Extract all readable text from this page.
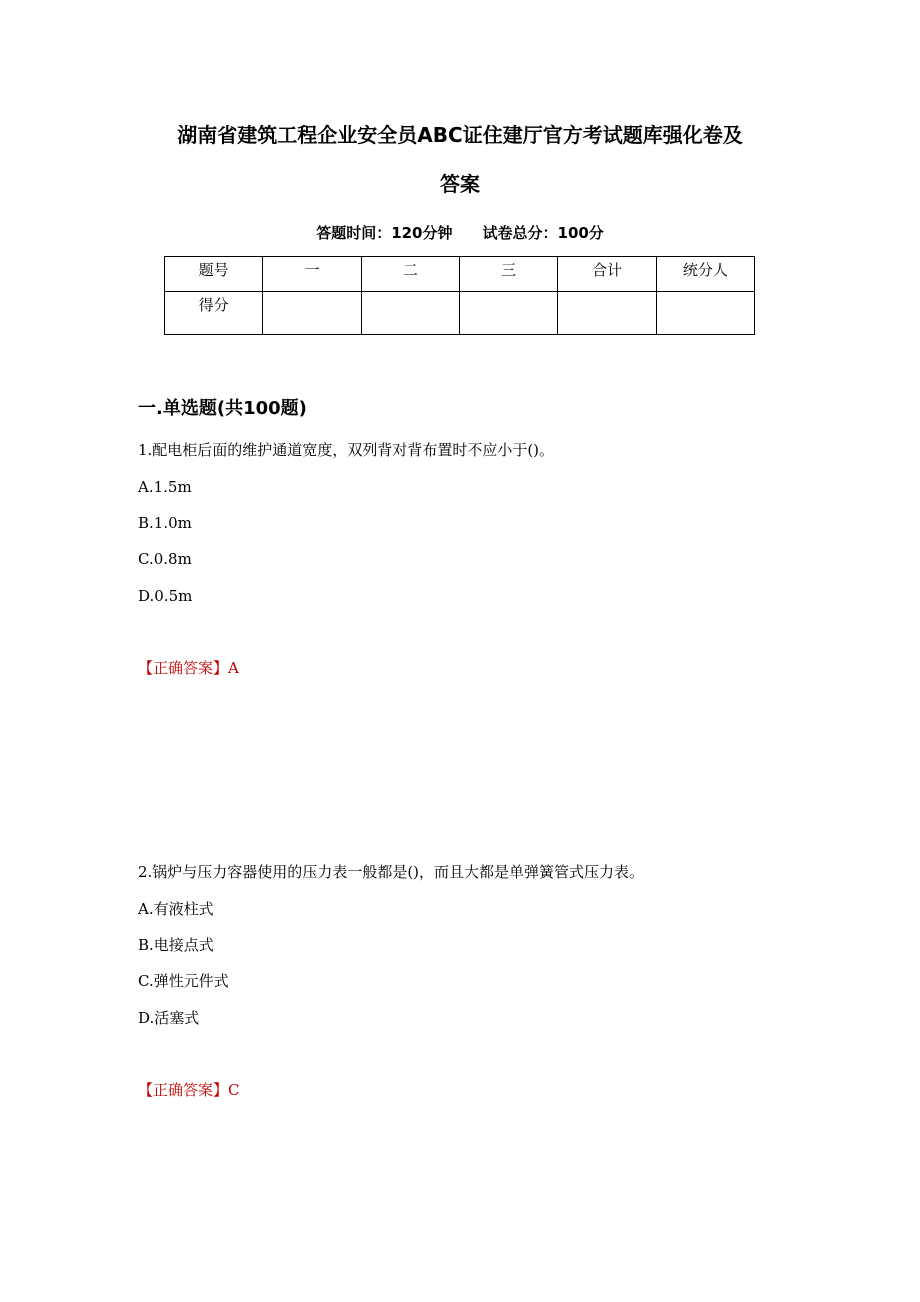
湖南省建筑工程企业安全员ABC证住建厅官方考试题库强化卷及
答案
答题时间：120分钟 试卷总分：100分
题号	一	二	三	合计	统分人
得分					
一.单选题(共100题)
1.配电柜后面的维护通道宽度，双列背对背布置时不应小于()。
A.1.5m
B.1.0m
C.0.8m
D.0.5m
【正确答案】A
2.锅炉与压力容器使用的压力表一般都是()，而且大都是单弹簧管式压力表。
A.有液柱式
B.电接点式
C.弹性元件式
D.活塞式
【正确答案】C
